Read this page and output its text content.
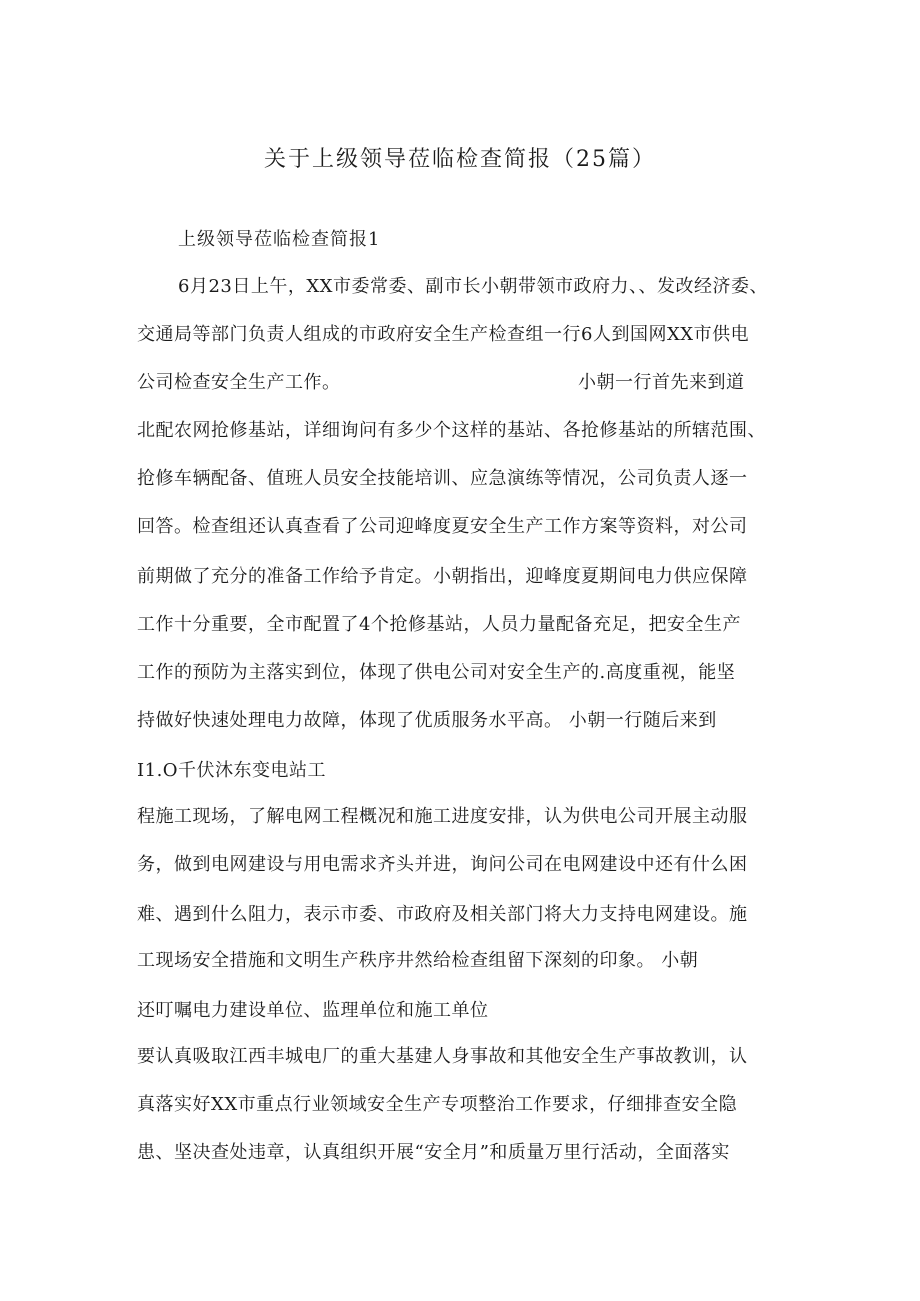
关于上级领导莅临检查简报（25篇）
上级领导莅临检查简报1
6月23日上午，XX市委常委、副市长小朝带领市政府力、、发改经济委、
交通局等部门负责人组成的市政府安全生产检查组一行6人到国网XX市供电
公司检查安全生产工作。	小朝一行首先来到道
北配农网抢修基站，详细询问有多少个这样的基站、各抢修基站的所辖范围、
抢修车辆配备、值班人员安全技能培训、应急演练等情况，公司负责人逐一
回答。检查组还认真查看了公司迎峰度夏安全生产工作方案等资料，对公司
前期做了充分的准备工作给予肯定。小朝指出，迎峰度夏期间电力供应保障
工作十分重要，全市配置了4个抢修基站，人员力量配备充足，把安全生产
工作的预防为主落实到位，体现了供电公司对安全生产的.高度重视，能坚
持做好快速处理电力故障，体现了优质服务水平高。 小朝一行随后来到
I1.O千伏沐东变电站工
程施工现场，了解电网工程概况和施工进度安排，认为供电公司开展主动服
务，做到电网建设与用电需求齐头并进，询问公司在电网建设中还有什么困
难、遇到什么阻力，表示市委、市政府及相关部门将大力支持电网建设。施
工现场安全措施和文明生产秩序井然给检查组留下深刻的印象。 小朝
还叮嘱电力建设单位、监理单位和施工单位
要认真吸取江西丰城电厂的重大基建人身事故和其他安全生产事故教训，认
真落实好XX市重点行业领域安全生产专项整治工作要求，仔细排查安全隐
患、坚决查处违章，认真组织开展“安全月”和质量万里行活动，全面落实
